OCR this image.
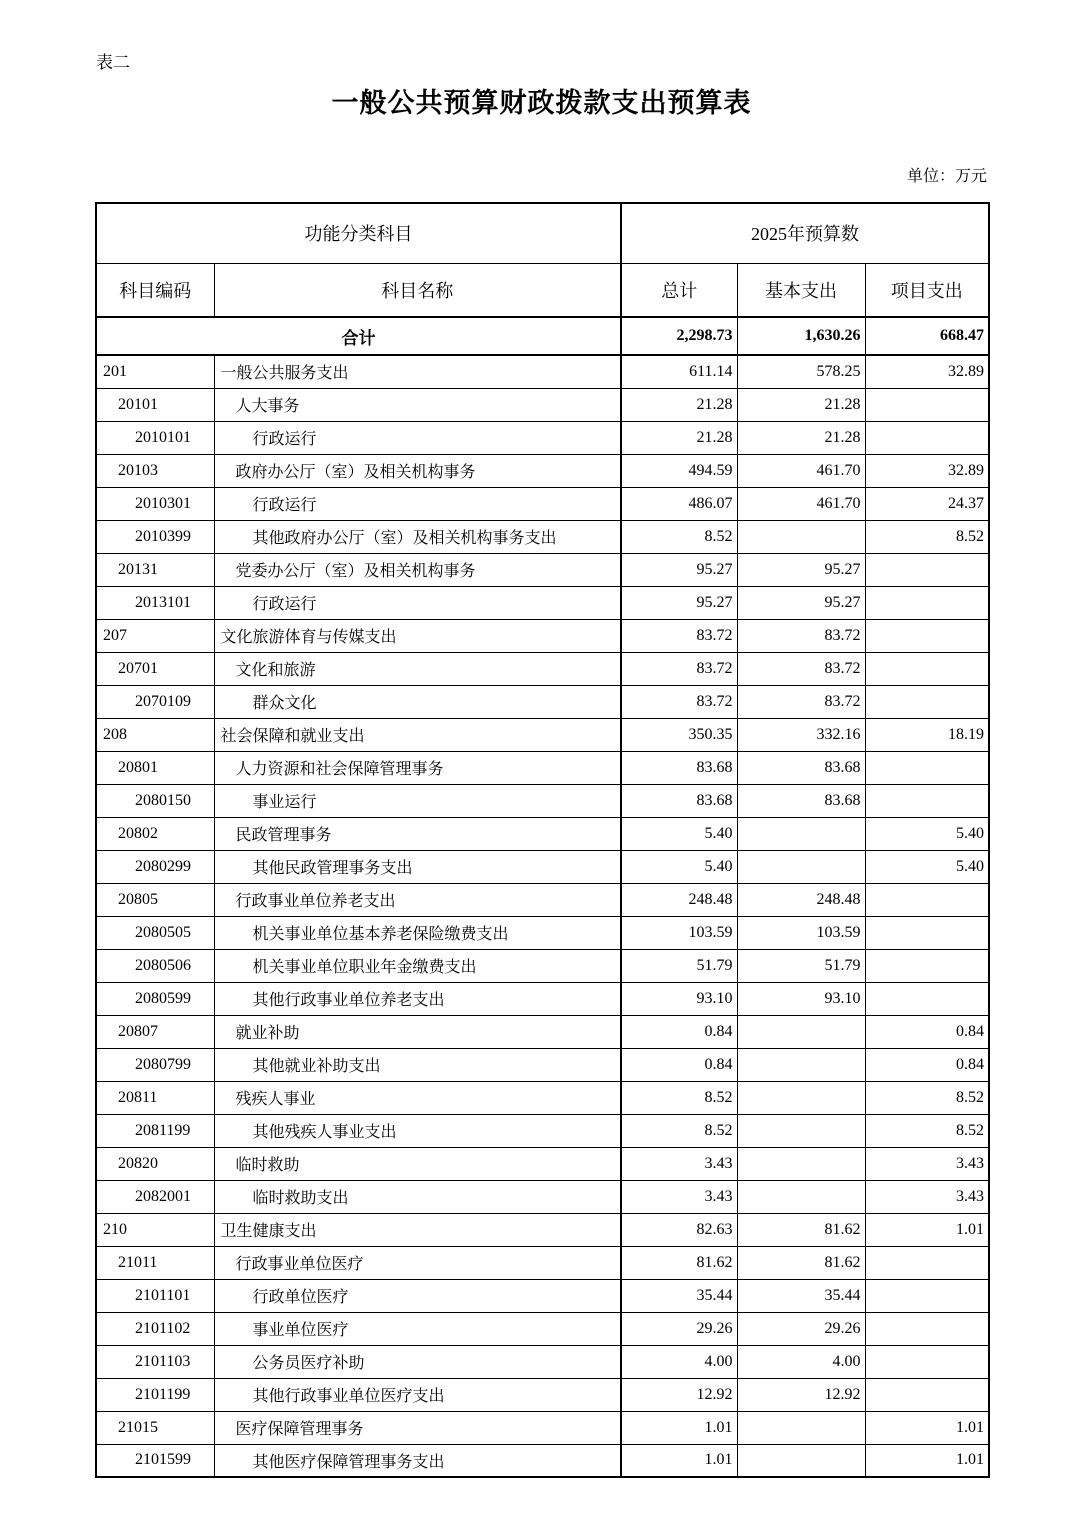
表二
一般公共预算财政拨款支出预算表
单位：万元
功能分类科目		2025年预算数		
科目编码	科目名称	总计	基本支出	项目支出
合计		2,298.73	1,630.26	668.47
201	一般公共服务支出	611.14	578.25	32.89
20101	人大事务	21.28	21.28	
2010101	行政运行	21.28	21.28	
20103	政府办公厅（室）及相关机构事务	494.59	461.70	32.89
2010301	行政运行	486.07	461.70	24.37
2010399	其他政府办公厅（室）及相关机构事务支出	8.52		8.52
20131	党委办公厅（室）及相关机构事务	95.27	95.27	
2013101	行政运行	95.27	95.27	
207	文化旅游体育与传媒支出	83.72	83.72	
20701	文化和旅游	83.72	83.72	
2070109	群众文化	83.72	83.72	
208	社会保障和就业支出	350.35	332.16	18.19
20801	人力资源和社会保障管理事务	83.68	83.68	
2080150	事业运行	83.68	83.68	
20802	民政管理事务	5.40		5.40
2080299	其他民政管理事务支出	5.40		5.40
20805	行政事业单位养老支出	248.48	248.48	
2080505	机关事业单位基本养老保险缴费支出	103.59	103.59	
2080506	机关事业单位职业年金缴费支出	51.79	51.79	
2080599	其他行政事业单位养老支出	93.10	93.10	
20807	就业补助	0.84		0.84
2080799	其他就业补助支出	0.84		0.84
20811	残疾人事业	8.52		8.52
2081199	其他残疾人事业支出	8.52		8.52
20820	临时救助	3.43		3.43
2082001	临时救助支出	3.43		3.43
210	卫生健康支出	82.63	81.62	1.01
21011	行政事业单位医疗	81.62	81.62	
2101101	行政单位医疗	35.44	35.44	
2101102	事业单位医疗	29.26	29.26	
2101103	公务员医疗补助	4.00	4.00	
2101199	其他行政事业单位医疗支出	12.92	12.92	
21015	医疗保障管理事务	1.01		1.01
2101599	其他医疗保障管理事务支出	1.01		1.01
